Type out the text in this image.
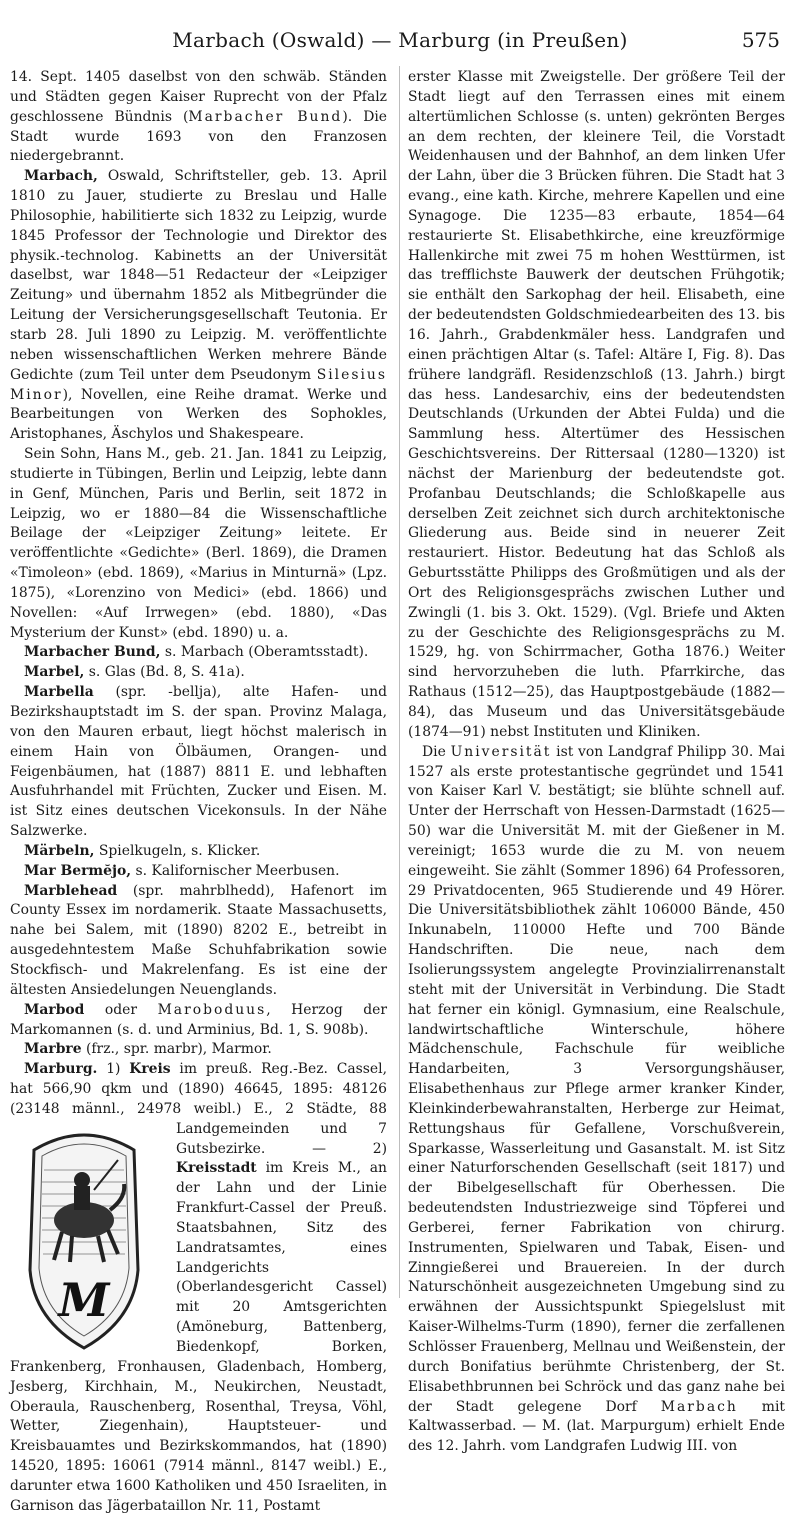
Marbach (Oswald) — Marburg (in Preußen)	575

14. Sept. 1405 daselbst von den schwäb. Ständen und Städten gegen Kaiser Ruprecht von der Pfalz geschlossene Bündnis (Marbacher Bund). Die Stadt wurde 1693 von den Franzosen niedergebrannt.

Marbach, Oswald, Schriftsteller, geb. 13. April 1810 zu Jauer, studierte zu Breslau und Halle Philosophie, habilitierte sich 1832 zu Leipzig, wurde 1845 Professor der Technologie und Direktor des physik.-technolog. Kabinetts an der Universität daselbst, war 1848—51 Redacteur der «Leipziger Zeitung» und übernahm 1852 als Mitbegründer die Leitung der Versicherungsgesellschaft Teutonia. Er starb 28. Juli 1890 zu Leipzig. M. veröffentlichte neben wissenschaftlichen Werken mehrere Bände Gedichte (zum Teil unter dem Pseudonym Silesius Minor), Novellen, eine Reihe dramat. Werke und Bearbeitungen von Werken des Sophokles, Aristophanes, Äschylos und Shakespeare.

Sein Sohn, Hans M., geb. 21. Jan. 1841 zu Leipzig, studierte in Tübingen, Berlin und Leipzig, lebte dann in Genf, München, Paris und Berlin, seit 1872 in Leipzig, wo er 1880—84 die Wissenschaftliche Beilage der «Leipziger Zeitung» leitete. Er veröffentlichte «Gedichte» (Berl. 1869), die Dramen «Timoleon» (ebd. 1869), «Marius in Minturnä» (Lpz. 1875), «Lorenzino von Medici» (ebd. 1866) und Novellen: «Auf Irrwegen» (ebd. 1880), «Das Mysterium der Kunst» (ebd. 1890) u. a.

Marbacher Bund, s. Marbach (Oberamtsstadt).

Marbel, s. Glas (Bd. 8, S. 41a).

Marbella (spr. -bellja), alte Hafen- und Bezirkshauptstadt im S. der span. Provinz Malaga, von den Mauren erbaut, liegt höchst malerisch in einem Hain von Ölbäumen, Orangen- und Feigenbäumen, hat (1887) 8811 E. und lebhaften Ausfuhrhandel mit Früchten, Zucker und Eisen. M. ist Sitz eines deutschen Vicekonsuls. In der Nähe Salzwerke.

Märbeln, Spielkugeln, s. Klicker.

Mar Bermĕjo, s. Kalifornischer Meerbusen.

Marblehead (spr. mahrblhedd), Hafenort im County Essex im nordamerik. Staate Massachusetts, nahe bei Salem, mit (1890) 8202 E., betreibt in ausgedehntestem Maße Schuhfabrikation sowie Stockfisch- und Makrelenfang. Es ist eine der ältesten Ansiedelungen Neuenglands.

Marbod oder Maroboduus, Herzog der Markomannen (s. d. und Arminius, Bd. 1, S. 908b).

Marbre (frz., spr. marbr), Marmor.

Marburg. 1) Kreis im preuß. Reg.-Bez. Cassel, hat 566,90 qkm und (1890) 46645, 1895: 48126 (23148 männl., 24978 weibl.) E., 2 Städte, 88 Landgemeinden und 7 Gutsbezirke. — 2) Kreisstadt im Kreis M., an der Lahn und der Linie Frankfurt-Cassel der Preuß. Staatsbahnen, Sitz des Landratsamtes, eines Landgerichts (Oberlandesgericht Cassel) mit 20 Amtsgerichten (Amöneburg, Battenberg, Biedenkopf, Borken, Frankenberg, Fronhausen, Gladenbach, Homberg, Jesberg, Kirchhain, M., Neukirchen, Neustadt, Oberaula, Rauschenberg, Rosenthal, Treysa, Vöhl, Wetter, Ziegenhain), Hauptsteuer- und Kreisbauamtes und Bezirkskommandos, hat (1890) 14520, 1895: 16061 (7914 männl., 8147 weibl.) E., darunter etwa 1600 Katholiken und 450 Israeliten, in Garnison das Jägerbataillon Nr. 11, Postamt

M

erster Klasse mit Zweigstelle. Der größere Teil der Stadt liegt auf den Terrassen eines mit einem altertümlichen Schlosse (s. unten) gekrönten Berges an dem rechten, der kleinere Teil, die Vorstadt Weidenhausen und der Bahnhof, an dem linken Ufer der Lahn, über die 3 Brücken führen. Die Stadt hat 3 evang., eine kath. Kirche, mehrere Kapellen und eine Synagoge. Die 1235—83 erbaute, 1854—64 restaurierte St. Elisabethkirche, eine kreuzförmige Hallenkirche mit zwei 75 m hohen Westtürmen, ist das trefflichste Bauwerk der deutschen Frühgotik; sie enthält den Sarkophag der heil. Elisabeth, eine der bedeutendsten Goldschmiedearbeiten des 13. bis 16. Jahrh., Grabdenkmäler hess. Landgrafen und einen prächtigen Altar (s. Tafel: Altäre I, Fig. 8). Das frühere landgräfl. Residenzschloß (13. Jahrh.) birgt das hess. Landesarchiv, eins der bedeutendsten Deutschlands (Urkunden der Abtei Fulda) und die Sammlung hess. Altertümer des Hessischen Geschichtsvereins. Der Rittersaal (1280—1320) ist nächst der Marienburg der bedeutendste got. Profanbau Deutschlands; die Schloßkapelle aus derselben Zeit zeichnet sich durch architektonische Gliederung aus. Beide sind in neuerer Zeit restauriert. Histor. Bedeutung hat das Schloß als Geburtsstätte Philipps des Großmütigen und als der Ort des Religionsgesprächs zwischen Luther und Zwingli (1. bis 3. Okt. 1529). (Vgl. Briefe und Akten zu der Geschichte des Religionsgesprächs zu M. 1529, hg. von Schirrmacher, Gotha 1876.) Weiter sind hervorzuheben die luth. Pfarrkirche, das Rathaus (1512—25), das Hauptpostgebäude (1882—84), das Museum und das Universitätsgebäude (1874—91) nebst Instituten und Kliniken.

Die Universität ist von Landgraf Philipp 30. Mai 1527 als erste protestantische gegründet und 1541 von Kaiser Karl V. bestätigt; sie blühte schnell auf. Unter der Herrschaft von Hessen-Darmstadt (1625—50) war die Universität M. mit der Gießener in M. vereinigt; 1653 wurde die zu M. von neuem eingeweiht. Sie zählt (Sommer 1896) 64 Professoren, 29 Privatdocenten, 965 Studierende und 49 Hörer. Die Universitätsbibliothek zählt 106000 Bände, 450 Inkunabeln, 110000 Hefte und 700 Bände Handschriften. Die neue, nach dem Isolierungssystem angelegte Provinzialirrenanstalt steht mit der Universität in Verbindung. Die Stadt hat ferner ein königl. Gymnasium, eine Realschule, landwirtschaftliche Winterschule, höhere Mädchenschule, Fachschule für weibliche Handarbeiten, 3 Versorgungshäuser, Elisabethenhaus zur Pflege armer kranker Kinder, Kleinkinderbewahranstalten, Herberge zur Heimat, Rettungshaus für Gefallene, Vorschußverein, Sparkasse, Wasserleitung und Gasanstalt. M. ist Sitz einer Naturforschenden Gesellschaft (seit 1817) und der Bibelgesellschaft für Oberhessen. Die bedeutendsten Industriezweige sind Töpferei und Gerberei, ferner Fabrikation von chirurg. Instrumenten, Spielwaren und Tabak, Eisen- und Zinngießerei und Brauereien. In der durch Naturschönheit ausgezeichneten Umgebung sind zu erwähnen der Aussichtspunkt Spiegelslust mit Kaiser-Wilhelms-Turm (1890), ferner die zerfallenen Schlösser Frauenberg, Mellnau und Weißenstein, der durch Bonifatius berühmte Christenberg, der St. Elisabethbrunnen bei Schröck und das ganz nahe bei der Stadt gelegene Dorf Marbach mit Kaltwasserbad. — M. (lat. Marpurgum) erhielt Ende des 12. Jahrh. vom Landgrafen Ludwig III. von
